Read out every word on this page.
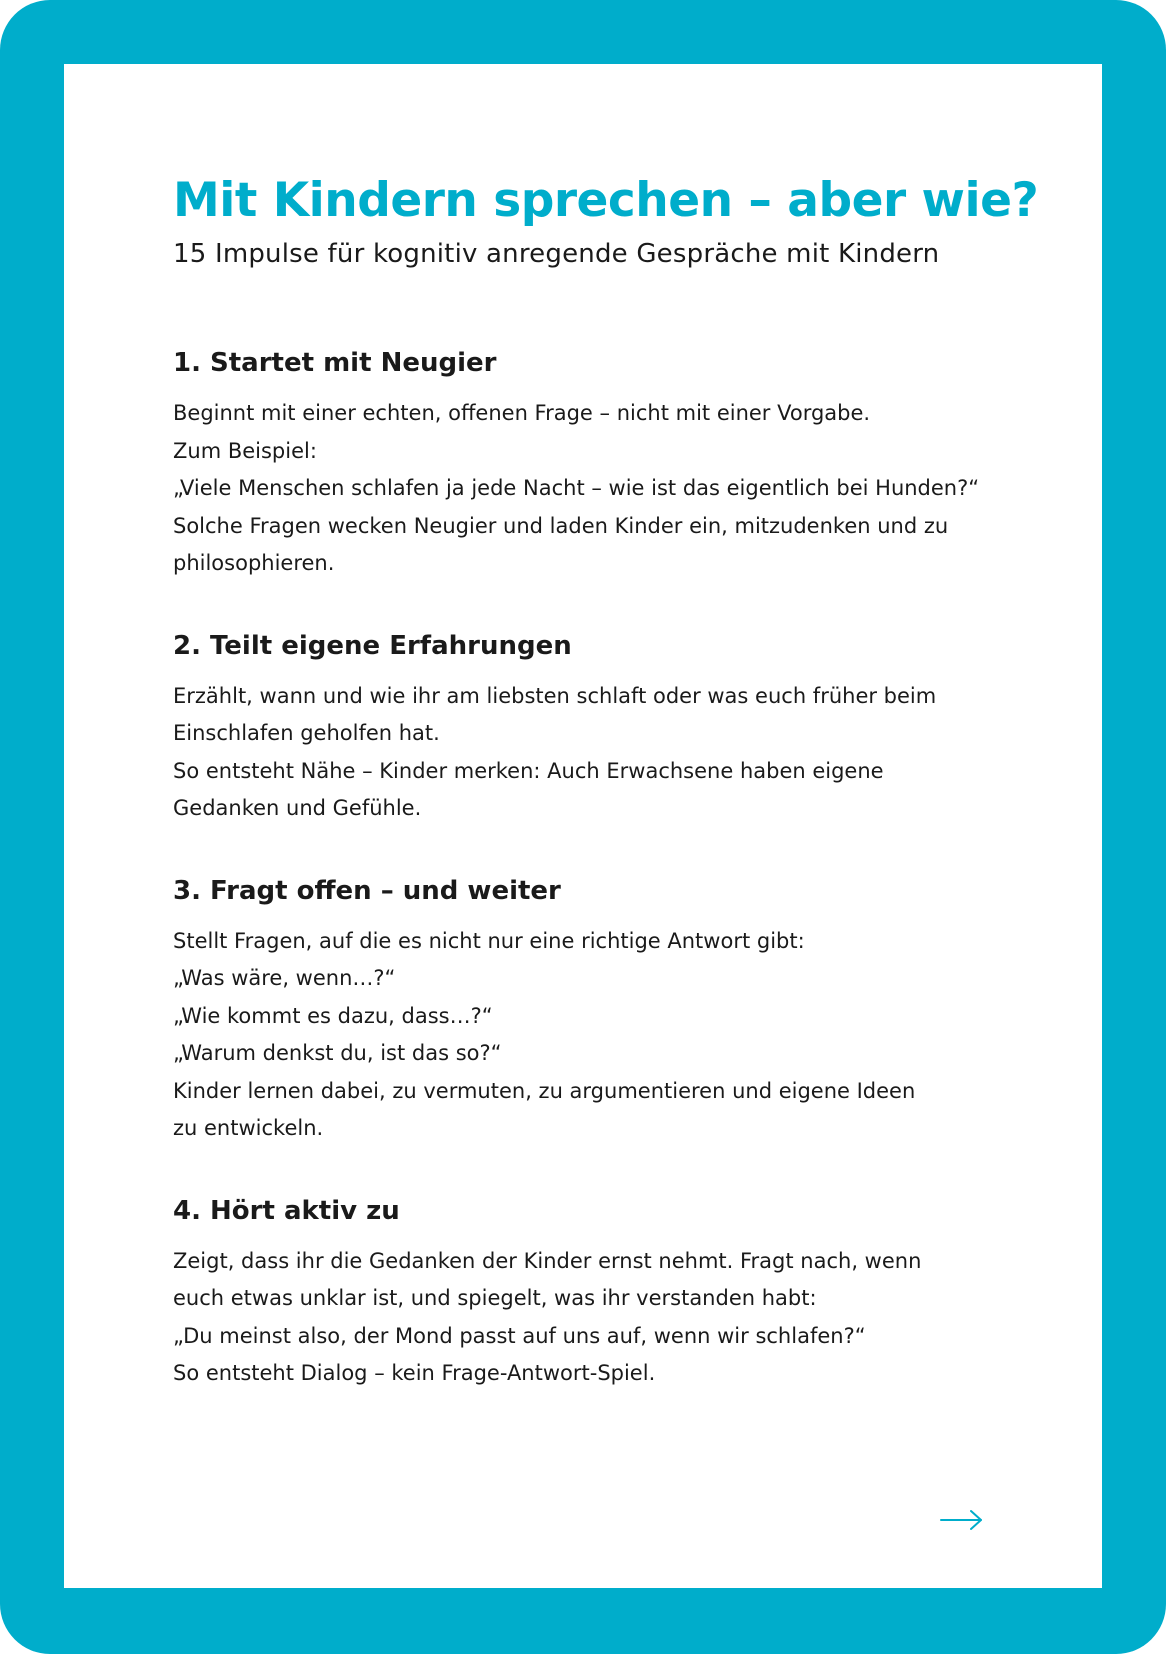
Mit Kindern sprechen – aber wie?

15 Impulse für kognitiv anregende Gespräche mit Kindern

1. Startet mit Neugier
Beginnt mit einer echten, offenen Frage – nicht mit einer Vorgabe.
Zum Beispiel:
„Viele Menschen schlafen ja jede Nacht – wie ist das eigentlich bei Hunden?“
Solche Fragen wecken Neugier und laden Kinder ein, mitzudenken und zu
philosophieren.
2. Teilt eigene Erfahrungen
Erzählt, wann und wie ihr am liebsten schlaft oder was euch früher beim
Einschlafen geholfen hat.
So entsteht Nähe – Kinder merken: Auch Erwachsene haben eigene
Gedanken und Gefühle.
3. Fragt offen – und weiter
Stellt Fragen, auf die es nicht nur eine richtige Antwort gibt:
„Was wäre, wenn…?“
„Wie kommt es dazu, dass…?“
„Warum denkst du, ist das so?“
Kinder lernen dabei, zu vermuten, zu argumentieren und eigene Ideen
zu entwickeln.
4. Hört aktiv zu
Zeigt, dass ihr die Gedanken der Kinder ernst nehmt. Fragt nach, wenn
euch etwas unklar ist, und spiegelt, was ihr verstanden habt:
„Du meinst also, der Mond passt auf uns auf, wenn wir schlafen?“
So entsteht Dialog – kein Frage-Antwort-Spiel.
